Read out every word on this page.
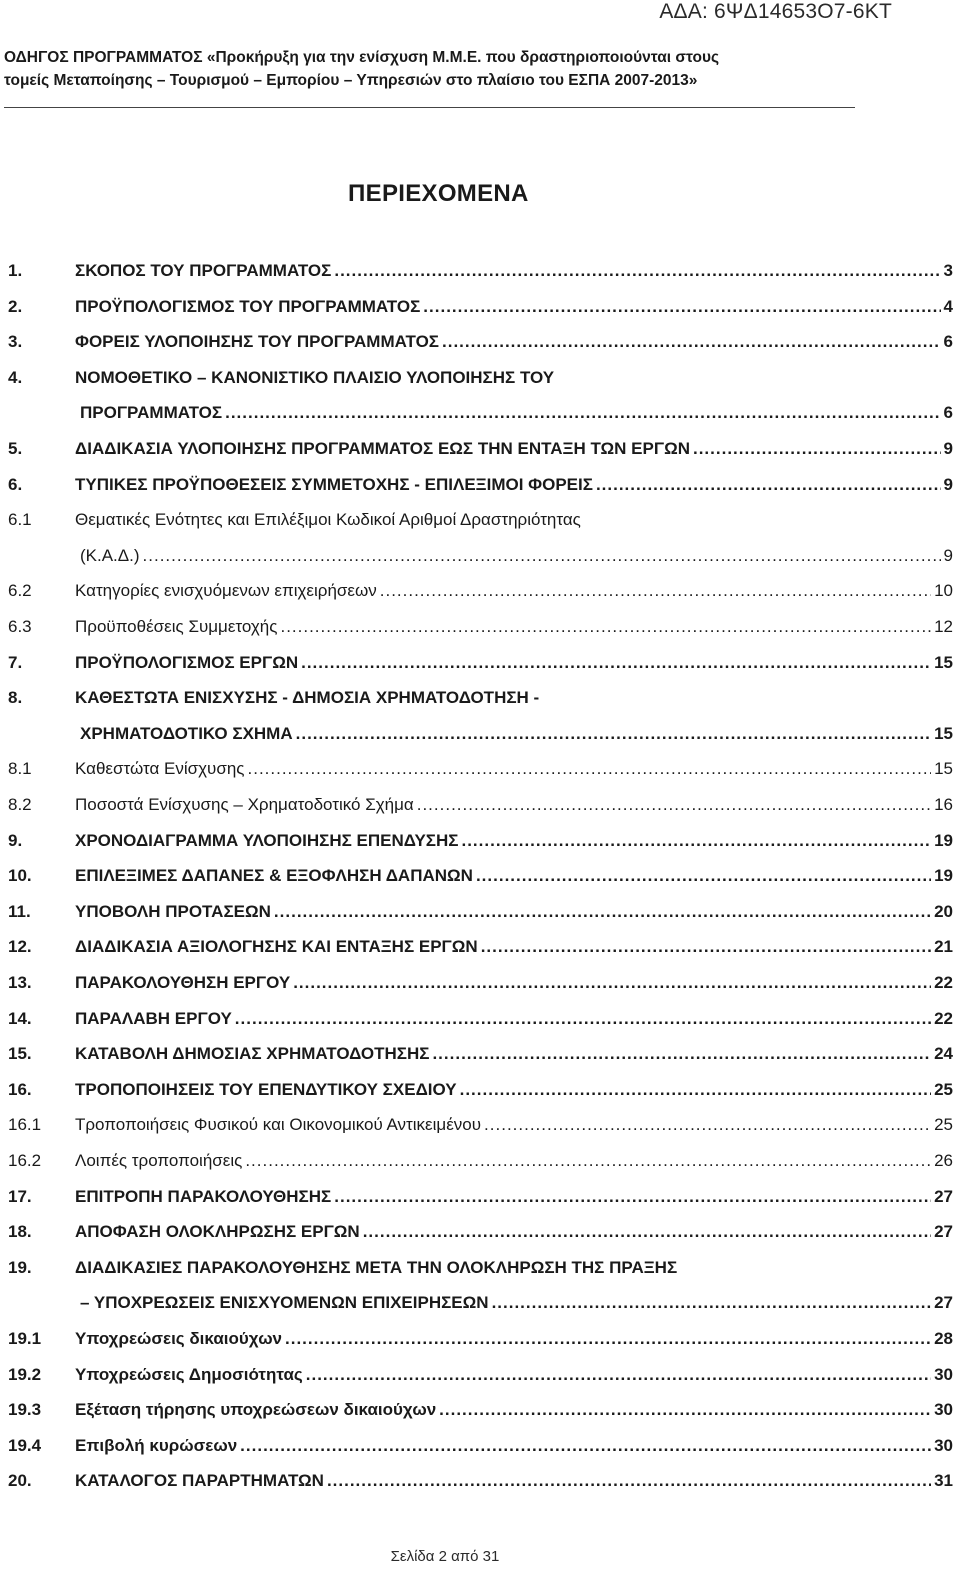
ΑΔΑ: 6ΨΔ14653Ο7-6ΚΤ
ΟΔΗΓΟΣ ΠΡΟΓΡΑΜΜΑΤΟΣ «Προκήρυξη για την ενίσχυση Μ.Μ.Ε. που δραστηριοποιούνται στους
τομείς Μεταποίησης – Τουρισμού – Εμπορίου – Υπηρεσιών στο πλαίσιο του ΕΣΠΑ 2007-2013»
ΠΕΡΙΕΧΟΜΕΝΑ
1.	ΣΚΟΠΟΣ ΤΟΥ ΠΡΟΓΡΑΜΜΑΤΟΣ .....	3
2.	ΠΡΟΫΠΟΛΟΓΙΣΜΟΣ ΤΟΥ ΠΡΟΓΡΑΜΜΑΤΟΣ .....	4
3.	ΦΟΡΕΙΣ ΥΛΟΠΟΙΗΣΗΣ ΤΟΥ ΠΡΟΓΡΑΜΜΑΤΟΣ .....	6
4.	ΝΟΜΟΘΕΤΙΚΟ – ΚΑΝΟΝΙΣΤΙΚΟ ΠΛΑΙΣΙΟ ΥΛΟΠΟΙΗΣΗΣ ΤΟΥ
ΠΡΟΓΡΑΜΜΑΤΟΣ .....	6
5.	ΔΙΑΔΙΚΑΣΙΑ ΥΛΟΠΟΙΗΣΗΣ ΠΡΟΓΡΑΜΜΑΤΟΣ ΕΩΣ ΤΗΝ ΕΝΤΑΞΗ ΤΩΝ ΕΡΓΩΝ .....	9
6.	ΤΥΠΙΚΕΣ ΠΡΟΫΠΟΘΕΣΕΙΣ ΣΥΜΜΕΤΟΧΗΣ - ΕΠΙΛΕΞΙΜΟΙ ΦΟΡΕΙΣ .....	9
6.1	Θεματικές Ενότητες και Επιλέξιμοι Κωδικοί Αριθμοί Δραστηριότητας
(Κ.Α.Δ.) .....	9
6.2	Κατηγορίες ενισχυόμενων επιχειρήσεων .....	10
6.3	Προϋποθέσεις Συμμετοχής .....	12
7.	ΠΡΟΫΠΟΛΟΓΙΣΜΟΣ ΕΡΓΩΝ .....	15
8.	ΚΑΘΕΣΤΩΤΑ ΕΝΙΣΧΥΣΗΣ - ΔΗΜΟΣΙΑ ΧΡΗΜΑΤΟΔΟΤΗΣΗ -
ΧΡΗΜΑΤΟΔΟΤΙΚΟ ΣΧΗΜΑ .....	15
8.1	Καθεστώτα Ενίσχυσης .....	15
8.2	Ποσοστά Ενίσχυσης – Χρηματοδοτικό Σχήμα .....	16
9.	ΧΡΟΝΟΔΙΑΓΡΑΜΜΑ ΥΛΟΠΟΙΗΣΗΣ ΕΠΕΝΔΥΣΗΣ .....	19
10.	ΕΠΙΛΕΞΙΜΕΣ ΔΑΠΑΝΕΣ & ΕΞΟΦΛΗΣΗ ΔΑΠΑΝΩΝ .....	19
11.	ΥΠΟΒΟΛΗ ΠΡΟΤΑΣΕΩΝ .....	20
12.	ΔΙΑΔΙΚΑΣΙΑ ΑΞΙΟΛΟΓΗΣΗΣ ΚΑΙ ΕΝΤΑΞΗΣ ΕΡΓΩΝ .....	21
13.	ΠΑΡΑΚΟΛΟΥΘΗΣΗ ΕΡΓΟΥ .....	22
14.	ΠΑΡΑΛΑΒΗ ΕΡΓΟΥ .....	22
15.	ΚΑΤΑΒΟΛΗ ΔΗΜΟΣΙΑΣ ΧΡΗΜΑΤΟΔΟΤΗΣΗΣ .....	24
16.	ΤΡΟΠΟΠΟΙΗΣΕΙΣ ΤΟΥ ΕΠΕΝΔΥΤΙΚΟΥ ΣΧΕΔΙΟΥ .....	25
16.1 Τροποποιήσεις Φυσικού και Οικονομικού Αντικειμένου .....	25
16.2 Λοιπές τροποποιήσεις .....	26
17.	ΕΠΙΤΡΟΠΗ ΠΑΡΑΚΟΛΟΥΘΗΣΗΣ .....	27
18.	ΑΠΟΦΑΣΗ ΟΛΟΚΛΗΡΩΣΗΣ ΕΡΓΩΝ .....	27
19.	ΔΙΑΔΙΚΑΣΙΕΣ ΠΑΡΑΚΟΛΟΥΘΗΣΗΣ ΜΕΤΑ ΤΗΝ ΟΛΟΚΛΗΡΩΣΗ ΤΗΣ ΠΡΑΞΗΣ
– ΥΠΟΧΡΕΩΣΕΙΣ ΕΝΙΣΧΥΟΜΕΝΩΝ ΕΠΙΧΕΙΡΗΣΕΩΝ .....	27
19.1 Υποχρεώσεις δικαιούχων .....	28
19.2 Υποχρεώσεις Δημοσιότητας .....	30
19.3 Εξέταση τήρησης υποχρεώσεων δικαιούχων .....	30
19.4 Επιβολή κυρώσεων .....	30
20.	ΚΑΤΑΛΟΓΟΣ ΠΑΡΑΡΤΗΜΑΤΩΝ .....	31
Σελίδα 2 από 31
